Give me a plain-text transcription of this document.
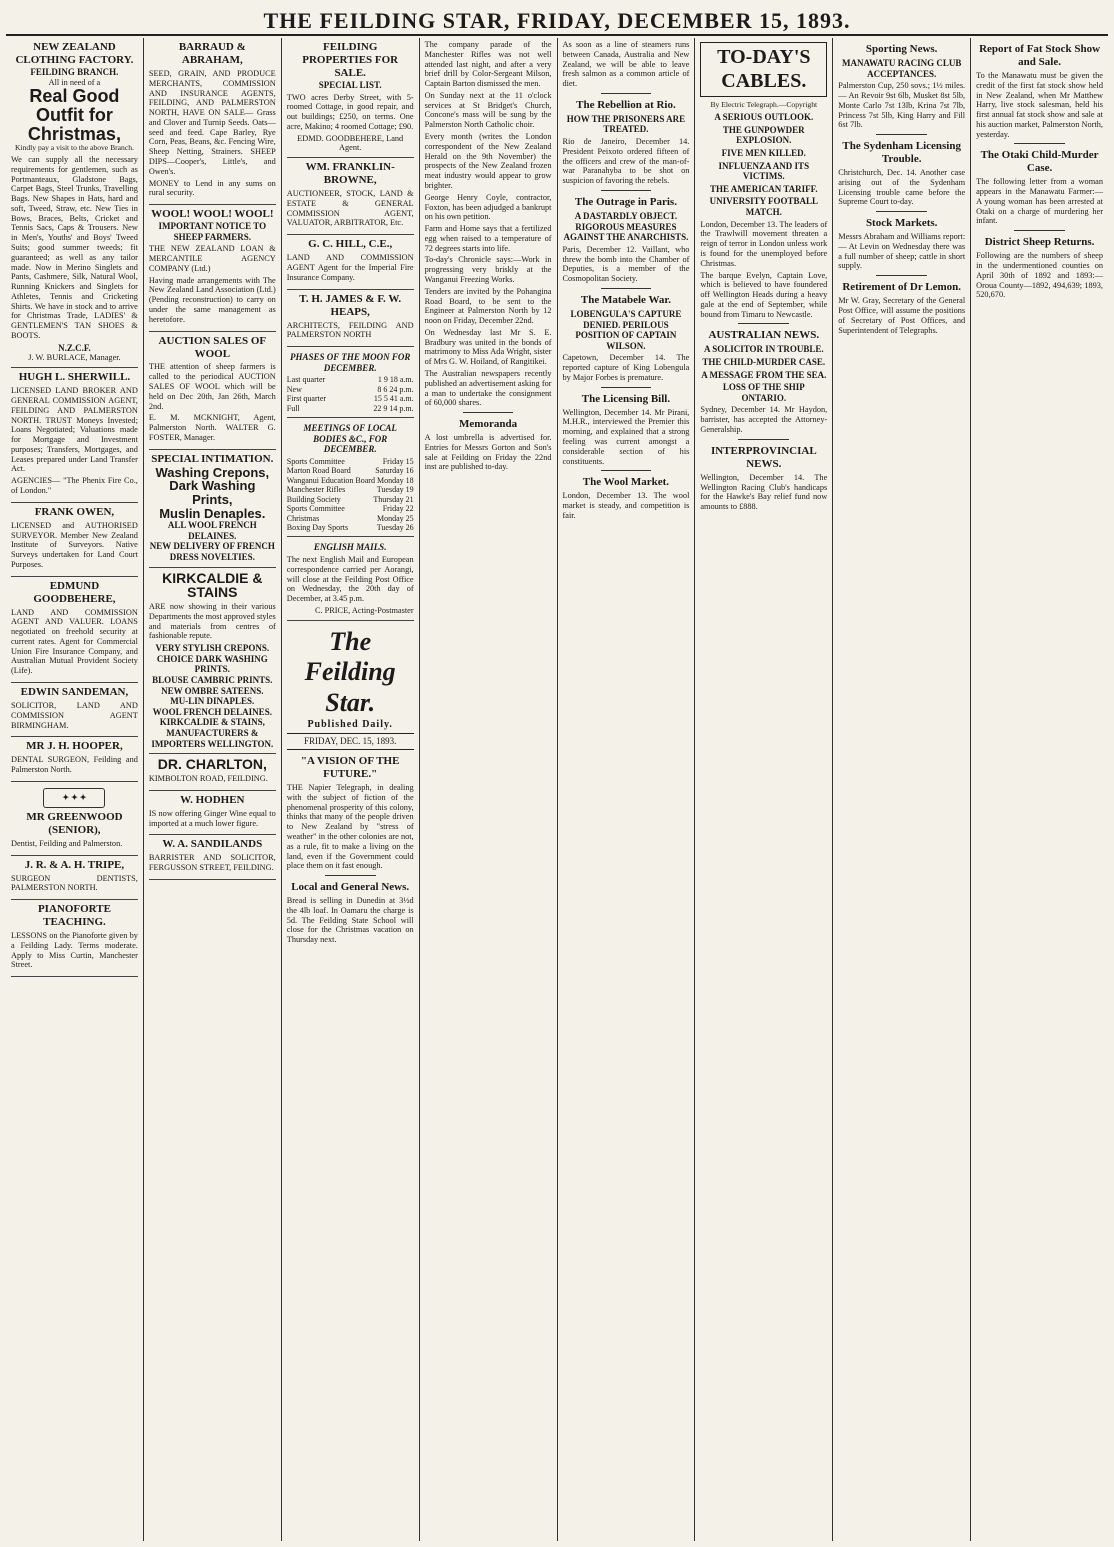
THE FEILDING STAR, FRIDAY, DECEMBER 15, 1893.
NEW ZEALAND CLOTHING FACTORY.
FEILDING BRANCH.
All in need of a
Real Good Outfit for Christmas,
Kindly pay a visit to the above Branch.

We can supply all the necessary requirements for gentlemen, such as Portmanteaux, Gladstone Bags, Carpet Bags, Steel Trunks, Travelling Bags. New Shapes in Hats, hard and soft, Tweed, Straw, etc. New Ties in Bows, Braces, Belts, Cricket and Tennis Sacs, Caps & Trousers. New in Men's, Youths' and Boys' Tweed Suits; good summer tweeds; fit guaranteed; as well as any tailor made. Now in Merino Singlets and Pants, Cashmere, Silk, Natural Wool, Running Knickers and Singlets for Athletes, Tennis and Cricketing Shirts. We have in stock and to arrive for Christmas Trade, LADIES' & GENTLEMEN'S TAN SHOES & BOOTS.

N.Z.C.F.
J. W. BURLACE, Manager.
HUGH L. SHERWILL.

LICENSED LAND BROKER AND GENERAL COMMISSION AGENT, FEILDING AND PALMERSTON NORTH. TRUST Moneys Invested; Loans Negotiated; Valuations made for Mortgage and Investment purposes; Transfers, Mortgages, and Leases prepared under Land Transfer Act.

AGENCIES— "The Phenix Fire Co., of London."

FRANK OWEN,

LICENSED and AUTHORISED SURVEYOR. Member New Zealand Institute of Surveyors. Native Surveys undertaken for Land Court Purposes.

EDMUND GOODBEHERE,

LAND AND COMMISSION AGENT AND VALUER. LOANS negotiated on freehold security at current rates. Agent for Commercial Union Fire Insurance Company, and Australian Mutual Provident Society (Life).

EDWIN SANDEMAN,

SOLICITOR, LAND AND COMMISSION AGENT BIRMINGHAM.

MR J. H. HOOPER,

DENTAL SURGEON, Feilding and Palmerston North.

✦ ✦ ✦
MR GREENWOOD (SENIOR),

Dentist, Feilding and Palmerston.

J. R. & A. H. TRIPE,

SURGEON DENTISTS, PALMERSTON NORTH.

PIANOFORTE TEACHING.

LESSONS on the Pianoforte given by a Feilding Lady. Terms moderate. Apply to Miss Curtin, Manchester Street.

BARRAUD & ABRAHAM,

SEED, GRAIN, AND PRODUCE MERCHANTS, COMMISSION AND INSURANCE AGENTS, FEILDING, AND PALMERSTON NORTH, HAVE ON SALE— Grass and Clover and Turnip Seeds. Oats—seed and feed. Cape Barley, Rye Corn, Peas, Beans, &c. Fencing Wire, Sheep Netting, Strainers. SHEEP DIPS—Cooper's, Little's, and Owen's.

MONEY to Lend in any sums on rural security.

WOOL! WOOL! WOOL!
IMPORTANT NOTICE TO SHEEP FARMERS.

THE NEW ZEALAND LOAN & MERCANTILE AGENCY COMPANY (Ltd.)

Having made arrangements with The New Zealand Land Association (Ltd.) (Pending reconstruction) to carry on under the same management as heretofore.

AUCTION SALES OF WOOL

THE attention of sheep farmers is called to the periodical AUCTION SALES OF WOOL which will be held on Dec 20th, Jan 26th, March 2nd.

E. M. MCKNIGHT, Agent, Palmerston North. WALTER G. FOSTER, Manager.

SPECIAL INTIMATION.
Washing Crepons,
Dark Washing Prints,
Muslin Denaples.
ALL WOOL FRENCH DELAINES.
NEW DELIVERY OF FRENCH DRESS NOVELTIES.
KIRKCALDIE & STAINS

ARE now showing in their various Departments the most approved styles and materials from centres of fashionable repute.

VERY STYLISH CREPONS.
CHOICE DARK WASHING PRINTS.
BLOUSE CAMBRIC PRINTS.
NEW OMBRE SATEENS.
MU-LIN DINAPLES.
WOOL FRENCH DELAINES.
KIRKCALDIE & STAINS, MANUFACTURERS & IMPORTERS WELLINGTON.
DR. CHARLTON,

KIMBOLTON ROAD, FEILDING.

W. HODHEN

IS now offering Ginger Wine equal to imported at a much lower figure.

W. A. SANDILANDS

BARRISTER AND SOLICITOR, FERGUSSON STREET, FEILDING.

FEILDING PROPERTIES FOR SALE.
SPECIAL LIST.

TWO acres Derby Street, with 5-roomed Cottage, in good repair, and out buildings; £250, on terms. One acre, Makino; 4 roomed Cottage; £90.

EDMD. GOODBEHERE, Land Agent.
WM. FRANKLIN-BROWNE,

AUCTIONEER, STOCK, LAND & ESTATE & GENERAL COMMISSION AGENT, VALUATOR, ARBITRATOR, Etc.

G. C. HILL, C.E.,

LAND AND COMMISSION AGENT Agent for the Imperial Fire Insurance Company.

T. H. JAMES & F. W. HEAPS,

ARCHITECTS, FEILDING AND PALMERSTON NORTH

PHASES OF THE MOON FOR DECEMBER.
Last quarter	1 9 18 a.m.
New	8 6 24 p.m.
First quarter	15 5 41 a.m.
Full	22 9 14 p.m.
MEETINGS OF LOCAL BODIES &C., FOR DECEMBER.
Sports Committee	Friday 15
Marton Road Board	Saturday 16
Wanganui Education Board Monday 18
Manchester Rifles	Tuesday 19
Building Society	Thursday 21
Sports Committee	Friday 22
Christmas	Monday 25
Boxing Day Sports	Tuesday 26
ENGLISH MAILS.

The next English Mail and European correspondence carried per Aorangi, will close at the Feilding Post Office on Wednesday, the 20th day of December, at 3.45 p.m.

C. PRICE, Acting-Postmaster
The Feilding Star.
Published Daily.
FRIDAY, DEC. 15, 1893.
"A VISION OF THE FUTURE."

THE Napier Telegraph, in dealing with the subject of fiction of the phenomenal prosperity of this colony, thinks that many of the people driven to New Zealand by "stress of weather" in the other colonies are not, as a rule, fit to make a living on the land, even if the Government could place them on it fast enough.

Local and General News.

Bread is selling in Dunedin at 3½d the 4lb loaf. In Oamaru the charge is 5d. The Feilding State School will close for the Christmas vacation on Thursday next.

The company parade of the Manchester Rifles was not well attended last night, and after a very brief drill by Color-Sergeant Milson, Captain Barton dismissed the men.

On Sunday next at the 11 o'clock services at St Bridget's Church, Concone's mass will be sung by the Palmerston North Catholic choir.

Every month (writes the London correspondent of the New Zealand Herald on the 9th November) the prospects of the New Zealand frozen meat industry would appear to grow brighter.

George Henry Coyle, contractor, Foxton, has been adjudged a bankrupt on his own petition.

Farm and Home says that a fertilized egg when raised to a temperature of 72 degrees starts into life.

To-day's Chronicle says:—Work in progressing very briskly at the Wanganui Freezing Works.

Tenders are invited by the Pohangina Road Board, to be sent to the Engineer at Palmerston North by 12 noon on Friday, December 22nd.

On Wednesday last Mr S. E. Bradbury was united in the bonds of matrimony to Miss Ada Wright, sister of Mrs G. W. Hoiland, of Rangitikei.

The Australian newspapers recently published an advertisement asking for a man to undertake the consignment of 60,000 shares.

Memoranda

A lost umbrella is advertised for. Entries for Messrs Gorton and Son's sale at Feilding on Friday the 22nd inst are published to-day.

As soon as a line of steamers runs between Canada, Australia and New Zealand, we will be able to leave fresh salmon as a common article of diet.

The Rebellion at Rio.
HOW THE PRISONERS ARE TREATED.

Rio de Janeiro, December 14. President Peixoto ordered fifteen of the officers and crew of the man-of-war Paranahyba to be shot on suspicion of favoring the rebels.

The Outrage in Paris.
A DASTARDLY OBJECT. RIGOROUS MEASURES AGAINST THE ANARCHISTS.

Paris, December 12. Vaillant, who threw the bomb into the Chamber of Deputies, is a member of the Cosmopolitan Society.

The Matabele War.
LOBENGULA'S CAPTURE DENIED. PERILOUS POSITION OF CAPTAIN WILSON.

Capetown, December 14. The reported capture of King Lobengula by Major Forbes is premature.

The Licensing Bill.

Wellington, December 14. Mr Pirani, M.H.R., interviewed the Premier this morning, and explained that a strong feeling was current amongst a considerable section of his constituents.

The Wool Market.

London, December 13. The wool market is steady, and competition is fair.

TO-DAY'S CABLES.
By Electric Telegraph.—Copyright
A SERIOUS OUTLOOK.
THE GUNPOWDER EXPLOSION.
FIVE MEN KILLED.
INFLUENZA AND ITS VICTIMS.
THE AMERICAN TARIFF.
UNIVERSITY FOOTBALL MATCH.

London, December 13. The leaders of the Trawlwill movement threaten a reign of terror in London unless work is found for the unemployed before Christmas.

The barque Evelyn, Captain Love, which is believed to have foundered off Wellington Heads during a heavy gale at the end of September, while bound from Timaru to Newcastle.

AUSTRALIAN NEWS.
A SOLICITOR IN TROUBLE.
THE CHILD-MURDER CASE.
A MESSAGE FROM THE SEA.
LOSS OF THE SHIP ONTARIO.

Sydney, December 14. Mr Haydon, barrister, has accepted the Attorney-Generalship.

INTERPROVINCIAL NEWS.

Wellington, December 14. The Wellington Racing Club's handicaps for the Hawke's Bay relief fund now amounts to £888.

Sporting News.
MANAWATU RACING CLUB ACCEPTANCES.

Palmerston Cup, 250 sovs.; 1½ miles.— An Revoir 9st 6lb, Musket 8st 5lb, Monte Carlo 7st 13lb, Krina 7st 7lb, Princess 7st 5lb, King Harry and Fill 6st 7lb.

The Sydenham Licensing Trouble.

Christchurch, Dec. 14. Another case arising out of the Sydenham Licensing trouble came before the Supreme Court to-day.

Stock Markets.

Messrs Abraham and Williams report:— At Levin on Wednesday there was a full number of sheep; cattle in short supply.

Retirement of Dr Lemon.

Mr W. Gray, Secretary of the General Post Office, will assume the positions of Secretary of Post Offices, and Superintendent of Telegraphs.

Report of Fat Stock Show and Sale.

To the Manawatu must be given the credit of the first fat stock show held in New Zealand, when Mr Matthew Harry, live stock salesman, held his first annual fat stock show and sale at his auction market, Palmerston North, yesterday.

The Otaki Child-Murder Case.

The following letter from a woman appears in the Manawatu Farmer:— A young woman has been arrested at Otaki on a charge of murdering her infant.

District Sheep Returns.

Following are the numbers of sheep in the undermentioned counties on April 30th of 1892 and 1893:— Oroua County—1892, 494,639; 1893, 520,670.
